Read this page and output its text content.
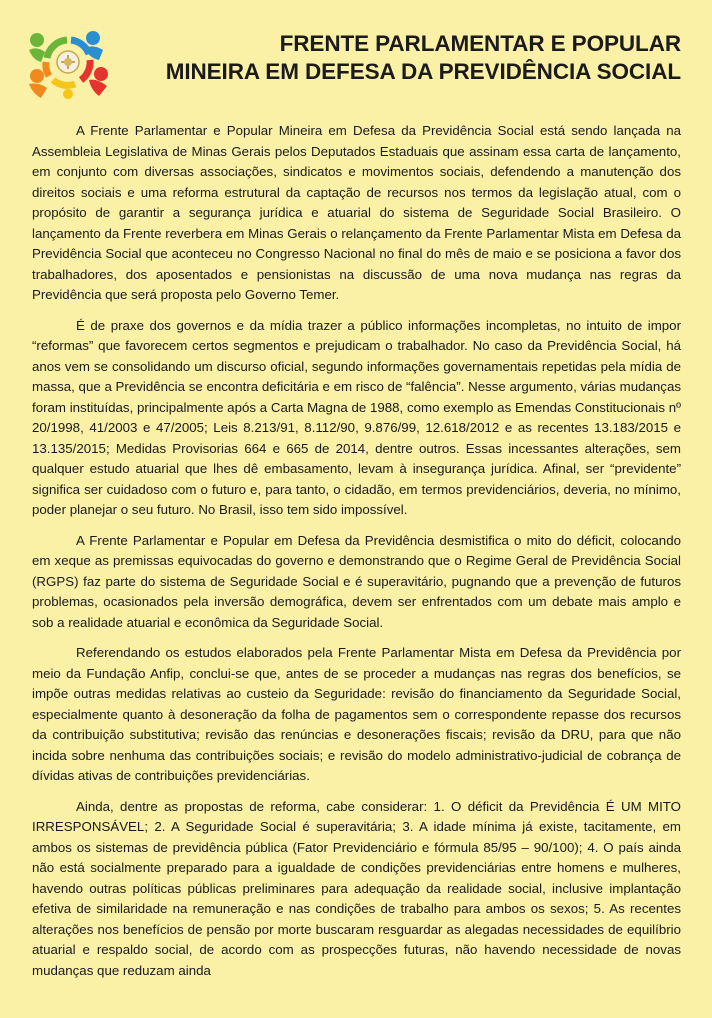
FRENTE PARLAMENTAR E POPULAR
MINEIRA EM DEFESA DA PREVIDÊNCIA SOCIAL

A Frente Parlamentar e Popular Mineira em Defesa da Previdência Social está sendo lançada na Assembleia Legislativa de Minas Gerais pelos Deputados Estaduais que assinam essa carta de lançamento, em conjunto com diversas associações, sindicatos e movimentos sociais, defendendo a manutenção dos direitos sociais e uma reforma estrutural da captação de recursos nos termos da legislação atual, com o propósito de garantir a segurança jurídica e atuarial do sistema de Seguridade Social Brasileiro. O lançamento da Frente reverbera em Minas Gerais o relançamento da Frente Parlamentar Mista em Defesa da Previdência Social que aconteceu no Congresso Nacional no final do mês de maio e se posiciona a favor dos trabalhadores, dos aposentados e pensionistas na discussão de uma nova mudança nas regras da Previdência que será proposta pelo Governo Temer.

É de praxe dos governos e da mídia trazer a público informações incompletas, no intuito de impor “reformas” que favorecem certos segmentos e prejudicam o trabalhador. No caso da Previdência Social, há anos vem se consolidando um discurso oficial, segundo informações governamentais repetidas pela mídia de massa, que a Previdência se encontra deficitária e em risco de “falência”. Nesse argumento, várias mudanças foram instituídas, principalmente após a Carta Magna de 1988, como exemplo as Emendas Constitucionais nº 20/1998, 41/2003 e 47/2005; Leis 8.213/91, 8.112/90, 9.876/99, 12.618/2012 e as recentes 13.183/2015 e 13.135/2015; Medidas Provisorias 664 e 665 de 2014, dentre outros. Essas incessantes alterações, sem qualquer estudo atuarial que lhes dê embasamento, levam à insegurança jurídica. Afinal, ser “previdente” significa ser cuidadoso com o futuro e, para tanto, o cidadão, em termos previdenciários, deveria, no mínimo, poder planejar o seu futuro. No Brasil, isso tem sido impossível.

A Frente Parlamentar e Popular em Defesa da Previdência desmistifica o mito do déficit, colocando em xeque as premissas equivocadas do governo e demonstrando que o Regime Geral de Previdência Social (RGPS) faz parte do sistema de Seguridade Social e é superavitário, pugnando que a prevenção de futuros problemas, ocasionados pela inversão demográfica, devem ser enfrentados com um debate mais amplo e sob a realidade atuarial e econômica da Seguridade Social.

Referendando os estudos elaborados pela Frente Parlamentar Mista em Defesa da Previdência por meio da Fundação Anfip, conclui-se que, antes de se proceder a mudanças nas regras dos benefícios, se impõe outras medidas relativas ao custeio da Seguridade: revisão do financiamento da Seguridade Social, especialmente quanto à desoneração da folha de pagamentos sem o correspondente repasse dos recursos da contribuição substitutiva; revisão das renúncias e desonerações fiscais; revisão da DRU, para que não incida sobre nenhuma das contribuições sociais; e revisão do modelo administrativo-judicial de cobrança de dívidas ativas de contribuições previdenciárias.

Ainda, dentre as propostas de reforma, cabe considerar: 1. O déficit da Previdência É UM MITO IRRESPONSÁVEL; 2. A Seguridade Social é superavitária; 3. A idade mínima já existe, tacitamente, em ambos os sistemas de previdência pública (Fator Previdenciário e fórmula 85/95 – 90/100); 4. O país ainda não está socialmente preparado para a igualdade de condições previdenciárias entre homens e mulheres, havendo outras políticas públicas preliminares para adequação da realidade social, inclusive implantação efetiva de similaridade na remuneração e nas condições de trabalho para ambos os sexos; 5. As recentes alterações nos benefícios de pensão por morte buscaram resguardar as alegadas necessidades de equilíbrio atuarial e respaldo social, de acordo com as prospecções futuras, não havendo necessidade de novas mudanças que reduzam ainda
